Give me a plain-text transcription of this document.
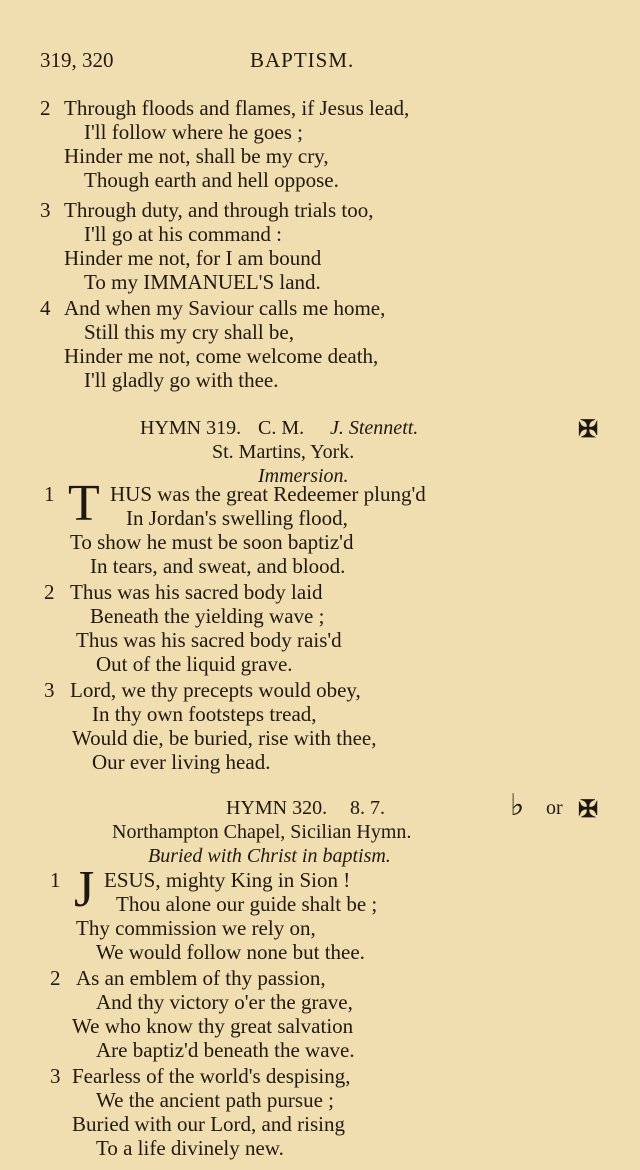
319, 320	BAPTISM.
2 Through floods and flames, if Jesus lead,
I'll follow where he goes ;
Hinder me not, shall be my cry,
Though earth and hell oppose.
3 Through duty, and through trials too,
I'll go at his command :
Hinder me not, for I am bound
To my IMMANUEL'S land.
4 And when my Saviour calls me home,
Still this my cry shall be,
Hinder me not, come welcome death,
I'll gladly go with thee.
HYMN 319. C. M. J. Stennett.	✠
St. Martins, York.
Immersion.
1 T HUS was the great Redeemer plung'd
In Jordan's swelling flood,
To show he must be soon baptiz'd
In tears, and sweat, and blood.
2 Thus was his sacred body laid
Beneath the yielding wave ;
Thus was his sacred body rais'd
Out of the liquid grave.
3 Lord, we thy precepts would obey,
In thy own footsteps tread,
Would die, be buried, rise with thee,
Our ever living head.
HYMN 320. 8. 7.	♭ or ✠
Northampton Chapel, Sicilian Hymn.
Buried with Christ in baptism.
1 J ESUS, mighty King in Sion !
Thou alone our guide shalt be ;
Thy commission we rely on,
We would follow none but thee.
2 As an emblem of thy passion,
And thy victory o'er the grave,
We who know thy great salvation
Are baptiz'd beneath the wave.
3 Fearless of the world's despising,
We the ancient path pursue ;
Buried with our Lord, and rising
To a life divinely new.
